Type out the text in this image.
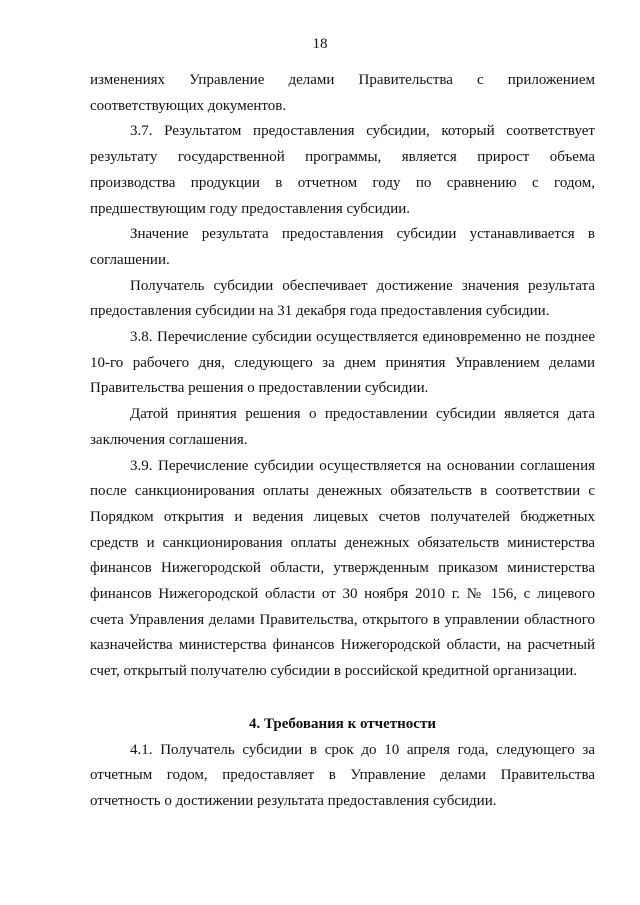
18

изменениях Управление делами Правительства с приложением соответствующих документов.

3.7. Результатом предоставления субсидии, который соответствует результату государственной программы, является прирост объема производства продукции в отчетном году по сравнению с годом, предшествующим году предоставления субсидии.

Значение результата предоставления субсидии устанавливается в соглашении.

Получатель субсидии обеспечивает достижение значения результата предоставления субсидии на 31 декабря года предоставления субсидии.

3.8. Перечисление субсидии осуществляется единовременно не позднее 10-го рабочего дня, следующего за днем принятия Управлением делами Правительства решения о предоставлении субсидии.

Датой принятия решения о предоставлении субсидии является дата заключения соглашения.

3.9. Перечисление субсидии осуществляется на основании соглашения после санкционирования оплаты денежных обязательств в соответствии с Порядком открытия и ведения лицевых счетов получателей бюджетных средств и санкционирования оплаты денежных обязательств министерства финансов Нижегородской области, утвержденным приказом министерства финансов Нижегородской области от 30 ноября 2010 г. № 156, с лицевого счета Управления делами Правительства, открытого в управлении областного казначейства министерства финансов Нижегородской области, на расчетный счет, открытый получателю субсидии в российской кредитной организации.

4. Требования к отчетности

4.1. Получатель субсидии в срок до 10 апреля года, следующего за отчетным годом, предоставляет в Управление делами Правительства отчетность о достижении результата предоставления субсидии.
